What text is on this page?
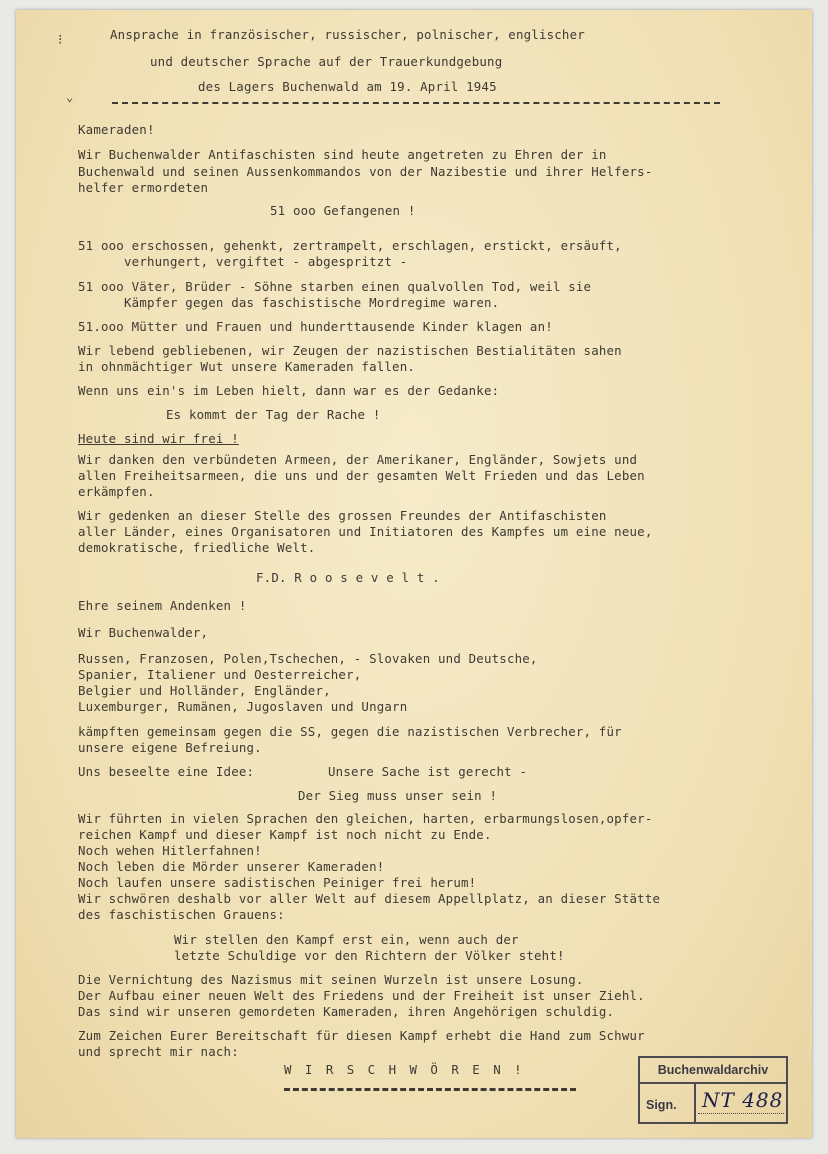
⁝
⌄
Ansprache in französischer, russischer, polnischer, englischer
und deutscher Sprache auf der Trauerkundgebung
des Lagers Buchenwald am 19. April 1945
Kameraden!
Wir Buchenwalder Antifaschisten sind heute angetreten zu Ehren der in
Buchenwald und seinen Aussenkommandos von der Nazibestie und ihrer Helfers-
helfer ermordeten
51 ooo Gefangenen !
51 ooo erschossen, gehenkt, zertrampelt, erschlagen, erstickt, ersäuft,
verhungert, vergiftet - abgespritzt -
51 ooo Väter, Brüder - Söhne starben einen qualvollen Tod, weil sie
Kämpfer gegen das faschistische Mordregime waren.
51.ooo Mütter und Frauen und hunderttausende Kinder klagen an!
Wir lebend gebliebenen, wir Zeugen der nazistischen Bestialitäten sahen
in ohnmächtiger Wut unsere Kameraden fallen.
Wenn uns ein's im Leben hielt, dann war es der Gedanke:
Es kommt der Tag der Rache !
Heute sind wir frei !
Wir danken den verbündeten Armeen, der Amerikaner, Engländer, Sowjets und
allen Freiheitsarmeen, die uns und der gesamten Welt Frieden und das Leben
erkämpfen.
Wir gedenken an dieser Stelle des grossen Freundes der Antifaschisten
aller Länder, eines Organisatoren und Initiatoren des Kampfes um eine neue,
demokratische, friedliche Welt.
F.D. R o o s e v e l t .
Ehre seinem Andenken !
Wir Buchenwalder,
Russen, Franzosen, Polen,Tschechen, - Slovaken und Deutsche,
Spanier, Italiener und Oesterreicher,
Belgier und Holländer, Engländer,
Luxemburger, Rumänen, Jugoslaven und Ungarn
kämpften gemeinsam gegen die SS, gegen die nazistischen Verbrecher, für
unsere eigene Befreiung.
Uns beseelte eine Idee:	Unsere Sache ist gerecht -
Der Sieg muss unser sein !
Wir führten in vielen Sprachen den gleichen, harten, erbarmungslosen,opfer-
reichen Kampf und dieser Kampf ist noch nicht zu Ende.
Noch wehen Hitlerfahnen!
Noch leben die Mörder unserer Kameraden!
Noch laufen unsere sadistischen Peiniger frei herum!
Wir schwören deshalb vor aller Welt auf diesem Appellplatz, an dieser Stätte
des faschistischen Grauens:
Wir stellen den Kampf erst ein, wenn auch der
letzte Schuldige vor den Richtern der Völker steht!
Die Vernichtung des Nazismus mit seinen Wurzeln ist unsere Losung.
Der Aufbau einer neuen Welt des Friedens und der Freiheit ist unser Ziehl.
Das sind wir unseren gemordeten Kameraden, ihren Angehörigen schuldig.
Zum Zeichen Eurer Bereitschaft für diesen Kampf erhebt die Hand zum Schwur
und sprecht mir nach:
W I R S C H W Ö R E N !	Buchenwaldarchiv
Sign. NT 488
